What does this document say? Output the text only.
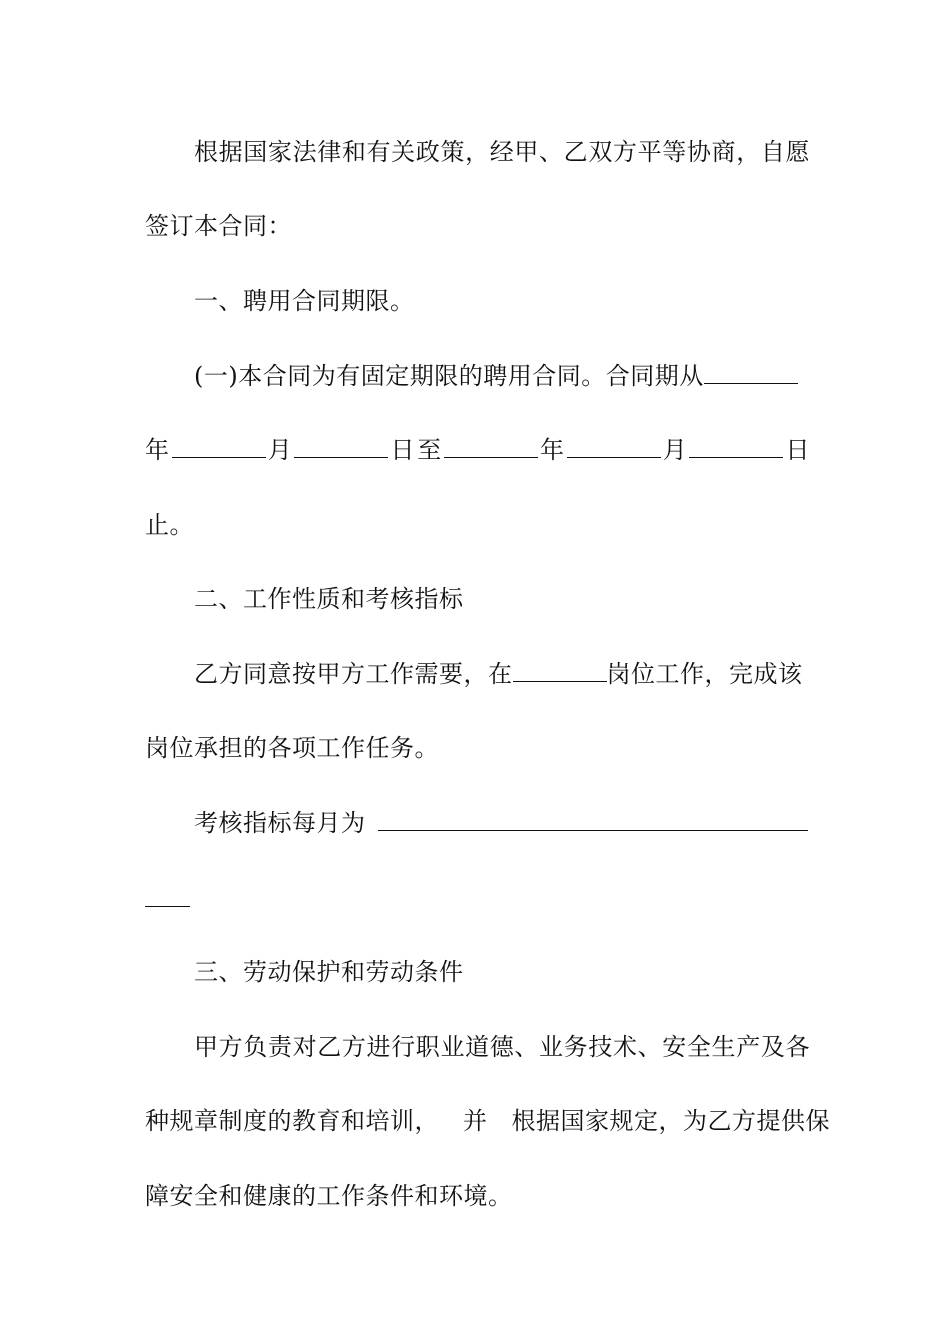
根据国家法律和有关政策，经甲、乙双方平等协商，自愿
签订本合同：
一、聘用合同期限。
(一)本合同为有固定期限的聘用合同。合同期从
年	月	日至	年	月	日
止。
二、工作性质和考核指标
乙方同意按甲方工作需要，在	岗位工作，完成该
岗位承担的各项工作任务。
考核指标每月为
三、劳动保护和劳动条件
甲方负责对乙方进行职业道德、业务技术、安全生产及各
种规章制度的教育和培训， 并 根据国家规定，为乙方提供保
障安全和健康的工作条件和环境。
